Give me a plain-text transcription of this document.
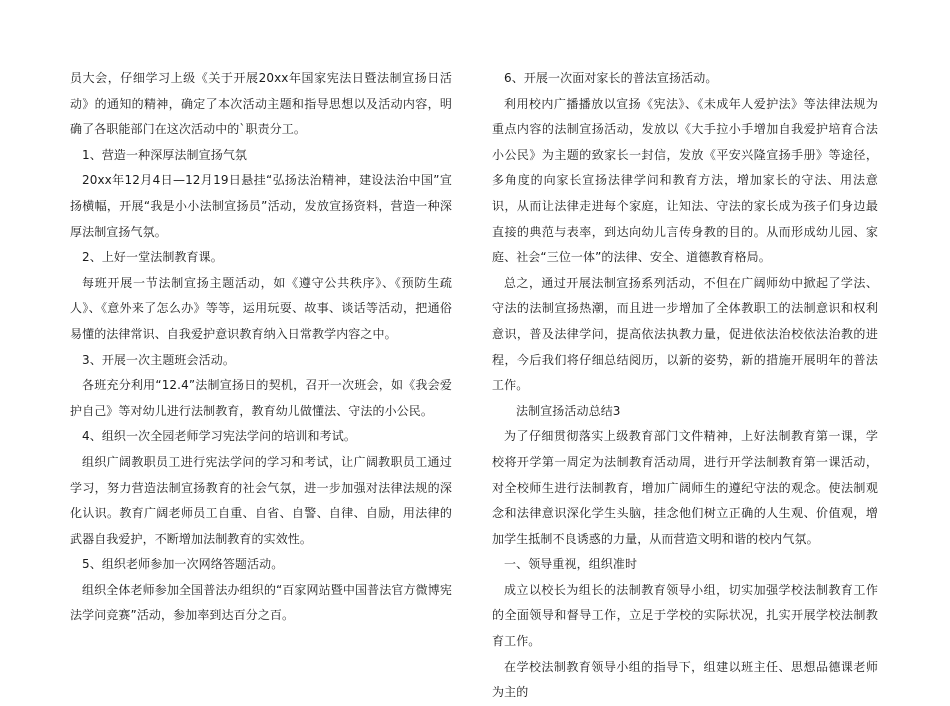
员大会，仔细学习上级《关于开展20xx年国家宪法日暨法制宣扬日活动》的通知的精神，确定了本次活动主题和指导思想以及活动内容，明确了各职能部门在这次活动中的`职责分工。

1、营造一种深厚法制宣扬气氛

20xx年12月4日—12月19日悬挂“弘扬法治精神，建设法治中国”宣扬横幅，开展“我是小小法制宣扬员”活动，发放宣扬资料，营造一种深厚法制宣扬气氛。

2、上好一堂法制教育课。

每班开展一节法制宣扬主题活动，如《遵守公共秩序》、《预防生疏人》、《意外来了怎么办》等等，运用玩耍、故事、谈话等活动，把通俗易懂的法律常识、自我爱护意识教育纳入日常教学内容之中。

3、开展一次主题班会活动。

各班充分利用“12.4”法制宣扬日的契机，召开一次班会，如《我会爱护自己》等对幼儿进行法制教育，教育幼儿做懂法、守法的小公民。

4、组织一次全园老师学习宪法学问的培训和考试。

组织广阔教职员工进行宪法学问的学习和考试，让广阔教职员工通过学习，努力营造法制宣扬教育的社会气氛，进一步加强对法律法规的深化认识。教育广阔老师员工自重、自省、自警、自律、自励，用法律的武器自我爱护，不断增加法制教育的实效性。

5、组织老师参加一次网络答题活动。

组织全体老师参加全国普法办组织的“百家网站暨中国普法官方微博宪法学问竞赛”活动，参加率到达百分之百。

6、开展一次面对家长的普法宣扬活动。

利用校内广播播放以宣扬《宪法》、《未成年人爱护法》等法律法规为重点内容的法制宣扬活动，发放以《大手拉小手增加自我爱护培育合法小公民》为主题的致家长一封信，发放《平安兴隆宣扬手册》等途径，多角度的向家长宣扬法律学问和教育方法，增加家长的守法、用法意识，从而让法律走进每个家庭，让知法、守法的家长成为孩子们身边最直接的典范与表率，到达向幼儿言传身教的目的。从而形成幼儿园、家庭、社会“三位一体”的法律、安全、道德教育格局。

总之，通过开展法制宣扬系列活动，不但在广阔师幼中掀起了学法、守法的法制宣扬热潮，而且进一步增加了全体教职工的法制意识和权利意识，普及法律学问，提高依法执教力量，促进依法治校依法治教的进程，今后我们将仔细总结阅历，以新的姿势，新的措施开展明年的普法工作。

法制宣扬活动总结3

为了仔细贯彻落实上级教育部门文件精神，上好法制教育第一课，学校将开学第一周定为法制教育活动周，进行开学法制教育第一课活动，对全校师生进行法制教育，增加广阔师生的遵纪守法的观念。使法制观念和法律意识深化学生头脑，挂念他们树立正确的人生观、价值观，增加学生抵制不良诱惑的力量，从而营造文明和谐的校内气氛。

一、领导重视，组织准时

成立以校长为组长的法制教育领导小组，切实加强学校法制教育工作的全面领导和督导工作，立足于学校的实际状况，扎实开展学校法制教育工作。

在学校法制教育领导小组的指导下，组建以班主任、思想品德课老师为主的
